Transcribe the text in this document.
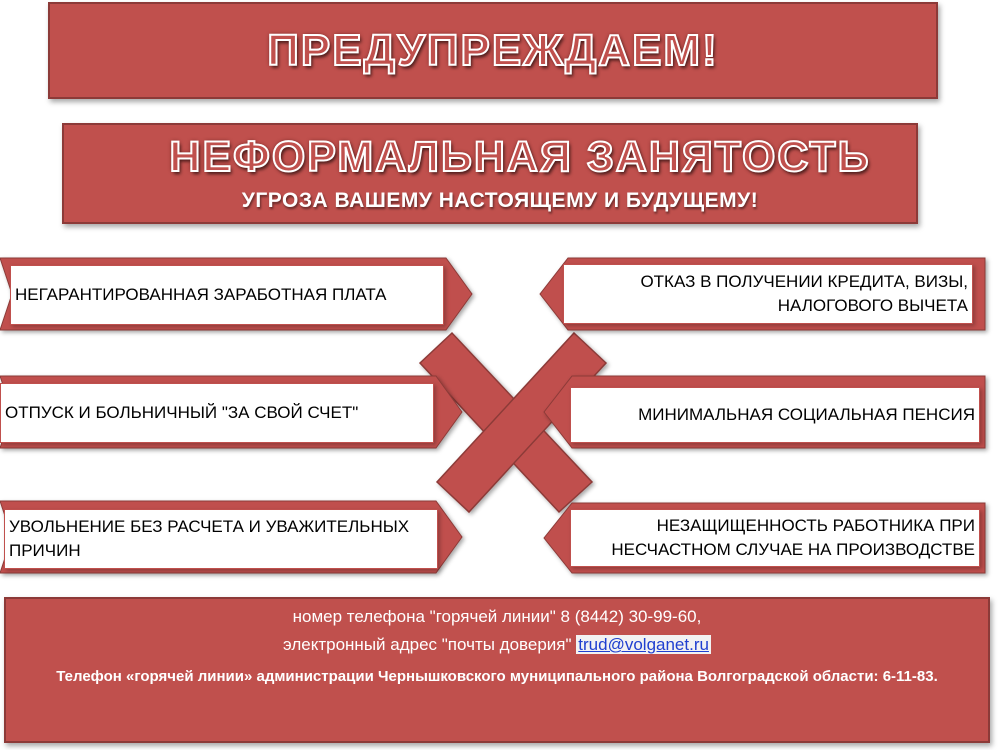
ПРЕДУПРЕЖДАЕМ!
НЕФОРМАЛЬНАЯ ЗАНЯТОСТЬ
УГРОЗА ВАШЕМУ НАСТОЯЩЕМУ И БУДУЩЕМУ!
НЕГАРАНТИРОВАННАЯ ЗАРАБОТНАЯ ПЛАТА
ОТПУСК И БОЛЬНИЧНЫЙ "ЗА СВОЙ СЧЕТ"
УВОЛЬНЕНИЕ БЕЗ РАСЧЕТА И УВАЖИТЕЛЬНЫХ ПРИЧИН
ОТКАЗ В ПОЛУЧЕНИИ КРЕДИТА, ВИЗЫ, НАЛОГОВОГО ВЫЧЕТА
МИНИМАЛЬНАЯ СОЦИАЛЬНАЯ ПЕНСИЯ
НЕЗАЩИЩЕННОСТЬ РАБОТНИКА ПРИ НЕСЧАСТНОМ СЛУЧАЕ НА ПРОИЗВОДСТВЕ
номер телефона "горячей линии" 8 (8442) 30-99-60,
электронный адрес "почты доверия" trud@volganet.ru
Телефон «горячей линии» администрации Чернышковского муниципального района Волгоградской области: 6-11-83.
